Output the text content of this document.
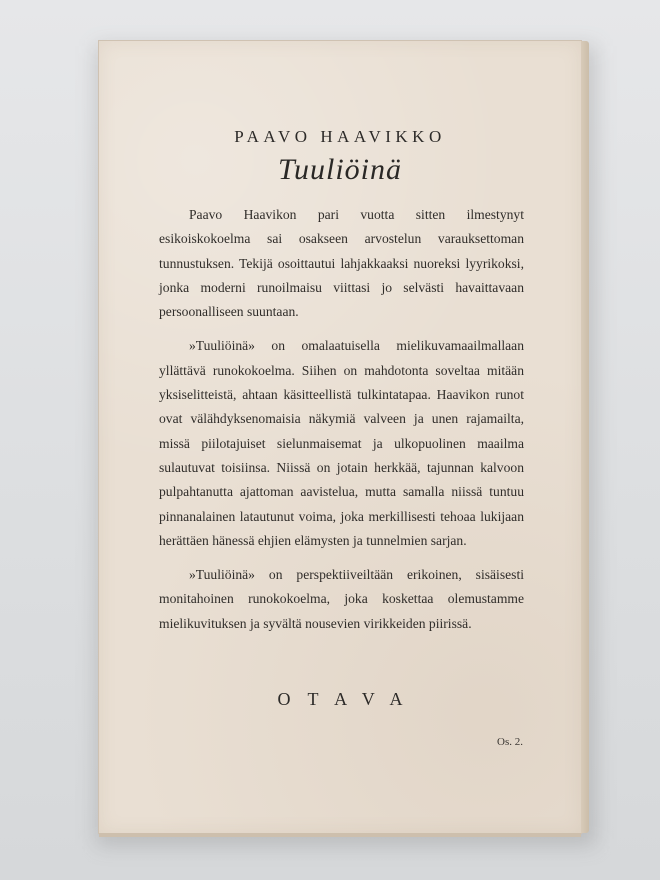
PAAVO HAAVIKKO
Tuuliöinä

Paavo Haavikon pari vuotta sitten ilmestynyt esikoiskokoelma sai osakseen arvostelun varauksettoman tunnustuksen. Tekijä osoittautui lahjakkaaksi nuoreksi lyyrikoksi, jonka moderni runoilmaisu viittasi jo selvästi havaittavaan persoonalliseen suuntaan.

»Tuuliöinä» on omalaatuisella mielikuvamaailmallaan yllättävä runokokoelma. Siihen on mahdotonta soveltaa mitään yksiselitteistä, ahtaan käsitteellistä tulkintatapaa. Haavikon runot ovat välähdyksenomaisia näkymiä valveen ja unen rajamailta, missä piilotajuiset sielunmaisemat ja ulkopuolinen maailma sulautuvat toisiinsa. Niissä on jotain herkkää, tajunnan kalvoon pulpahtanutta ajattoman aavistelua, mutta samalla niissä tuntuu pinnanalainen latautunut voima, joka merkillisesti tehoaa lukijaan herättäen hänessä ehjien elämysten ja tunnelmien sarjan.

»Tuuliöinä» on perspektiiveiltään erikoinen, sisäisesti monitahoinen runokokoelma, joka koskettaa olemustamme mielikuvituksen ja syvältä nousevien virikkeiden piirissä.

OTAVA
Os. 2.
